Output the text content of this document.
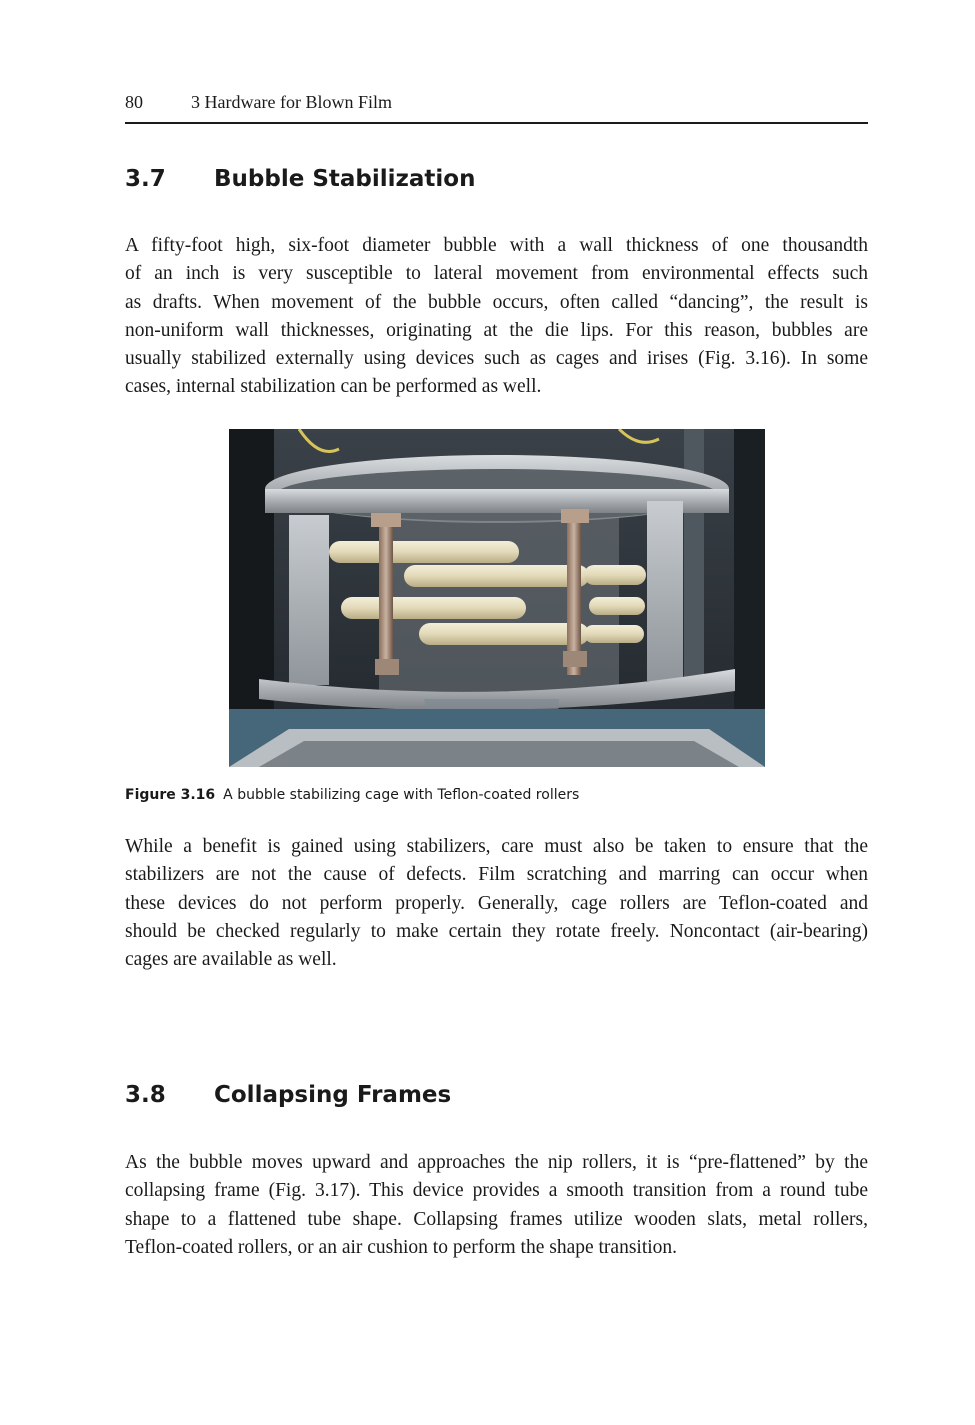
80	3 Hardware for Blown Film
3.7 Bubble Stabilization
A fifty-foot high, six-foot diameter bubble with a wall thickness of one thousandth
of an inch is very susceptible to lateral movement from environmental effects such
as drafts. When movement of the bubble occurs, often called “dancing”, the result is
non-uniform wall thicknesses, originating at the die lips. For this reason, bubbles are
usually stabilized externally using devices such as cages and irises (Fig. 3.16). In some
cases, internal stabilization can be performed as well.
Figure 3.16 A bubble stabilizing cage with Teflon-coated rollers
While a benefit is gained using stabilizers, care must also be taken to ensure that the
stabilizers are not the cause of defects. Film scratching and marring can occur when
these devices do not perform properly. Generally, cage rollers are Teflon-coated and
should be checked regularly to make certain they rotate freely. Noncontact (air-bearing)
cages are available as well.
3.8 Collapsing Frames
As the bubble moves upward and approaches the nip rollers, it is “pre-flattened” by the
collapsing frame (Fig. 3.17). This device provides a smooth transition from a round tube
shape to a flattened tube shape. Collapsing frames utilize wooden slats, metal rollers,
Teflon-coated rollers, or an air cushion to perform the shape transition.
